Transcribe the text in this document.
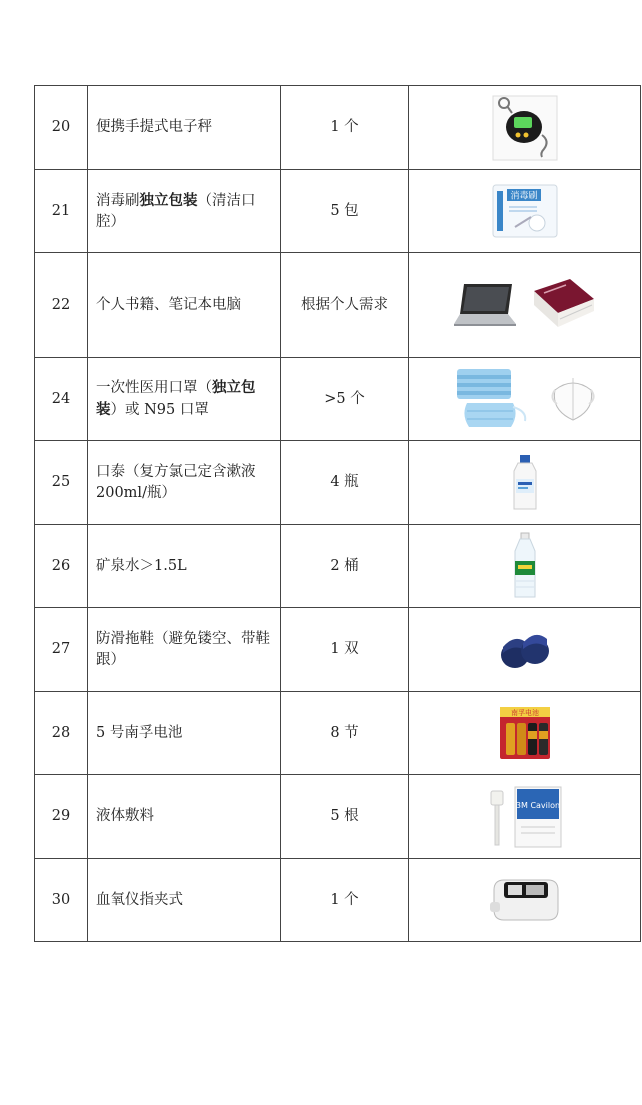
20	便携手提式电子秤	1 个	

21	消毒刷独立包装（清洁口腔）	5 包	消毒刷

22	个人书籍、笔记本电脑	根据个人需求	

24	一次性医用口罩（独立包装）或 N95 口罩	>5 个	

25	口泰（复方氯己定含漱液 200ml/瓶）	4 瓶	

26	矿泉水＞1.5L	2 桶	

27	防滑拖鞋（避免镂空、带鞋跟）	1 双	

28	5 号南孚电池	8 节	南孚电池

29	液体敷料	5 根	3M Cavilon

30	血氧仪指夹式	1 个	
